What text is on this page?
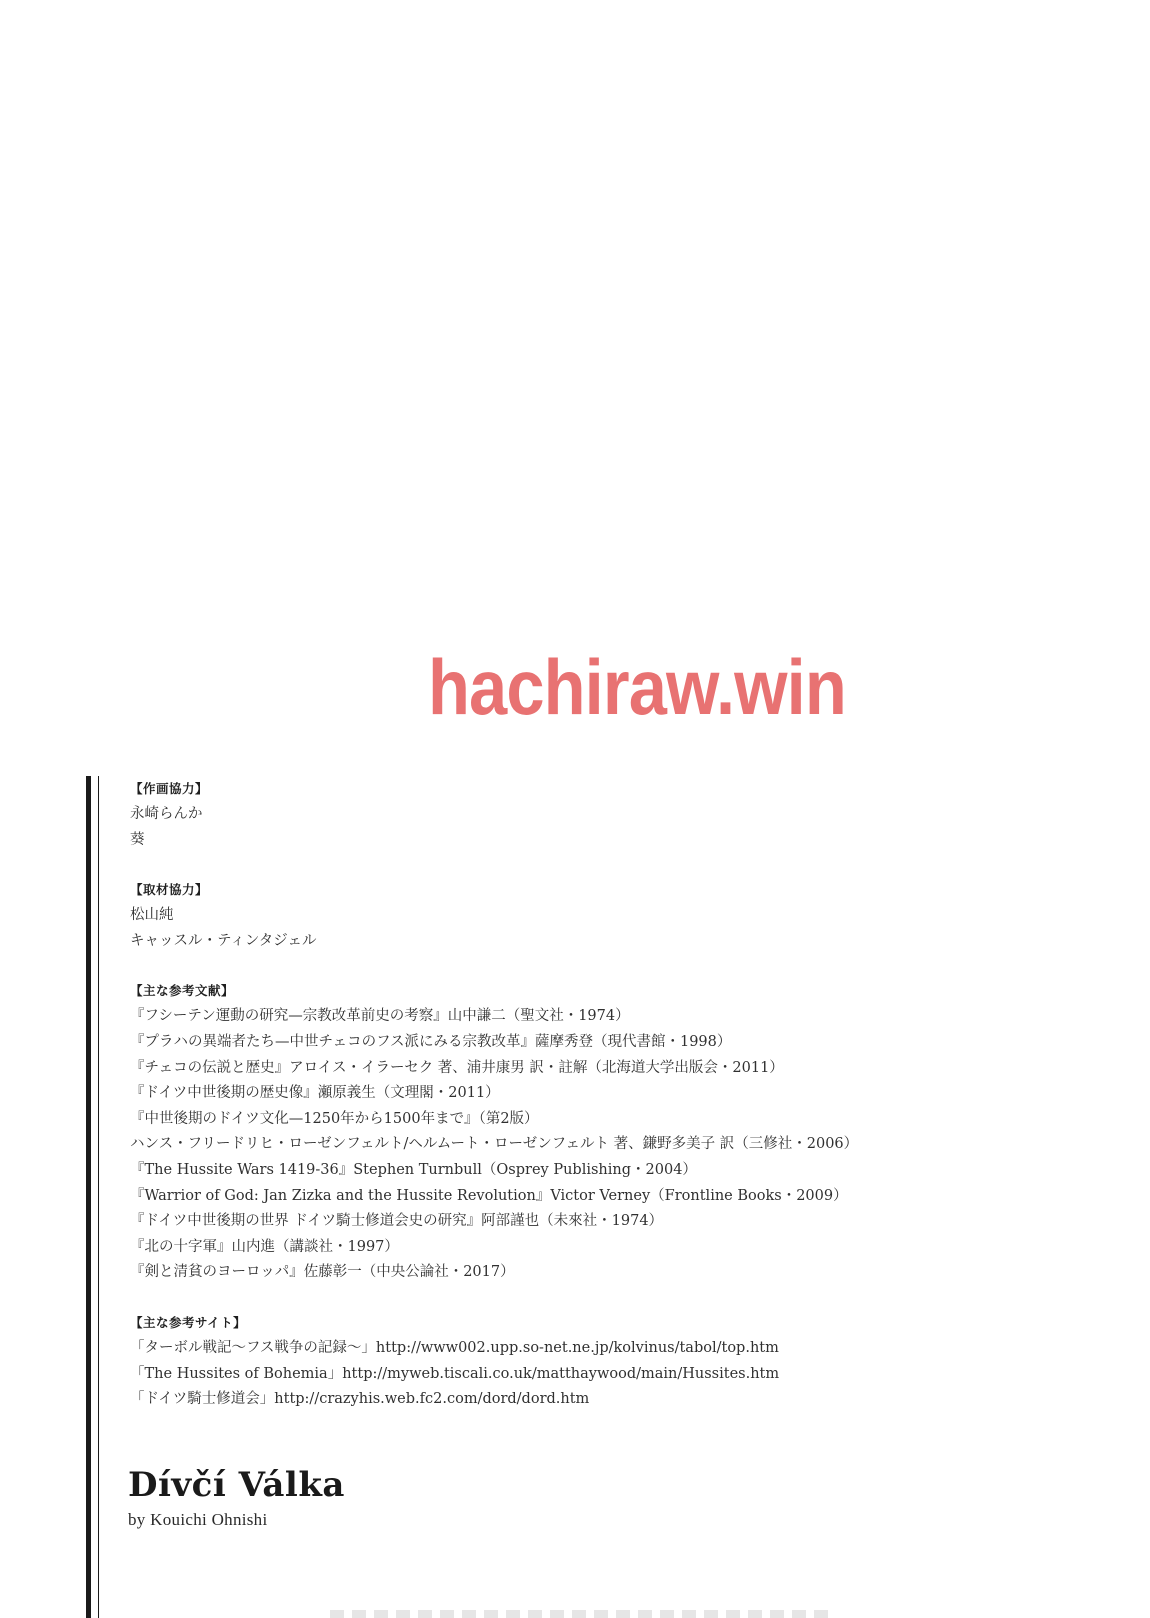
hachiraw.win
【作画協力】
永崎らんか
葵
【取材協力】
松山純
キャッスル・ティンタジェル
【主な参考文献】
『フシーテン運動の研究—宗教改革前史の考察』山中謙二（聖文社・1974）
『プラハの異端者たち—中世チェコのフス派にみる宗教改革』薩摩秀登（現代書館・1998）
『チェコの伝説と歴史』アロイス・イラーセク 著、浦井康男 訳・註解（北海道大学出版会・2011）
『ドイツ中世後期の歴史像』瀬原義生（文理閣・2011）
『中世後期のドイツ文化—1250年から1500年まで』（第2版）
ハンス・フリードリヒ・ローゼンフェルト/ヘルムート・ローゼンフェルト 著、鎌野多美子 訳（三修社・2006）
『The Hussite Wars 1419-36』Stephen Turnbull（Osprey Publishing・2004）
『Warrior of God: Jan Zizka and the Hussite Revolution』Victor Verney（Frontline Books・2009）
『ドイツ中世後期の世界 ドイツ騎士修道会史の研究』阿部謹也（未來社・1974）
『北の十字軍』山内進（講談社・1997）
『剣と清貧のヨーロッパ』佐藤彰一（中央公論社・2017）
【主な参考サイト】
「ターボル戦記〜フス戦争の記録〜」http://www002.upp.so-net.ne.jp/kolvinus/tabol/top.htm
「The Hussites of Bohemia」http://myweb.tiscali.co.uk/matthaywood/main/Hussites.htm
「ドイツ騎士修道会」http://crazyhis.web.fc2.com/dord/dord.htm
Dívčí Válka
by Kouichi Ohnishi
